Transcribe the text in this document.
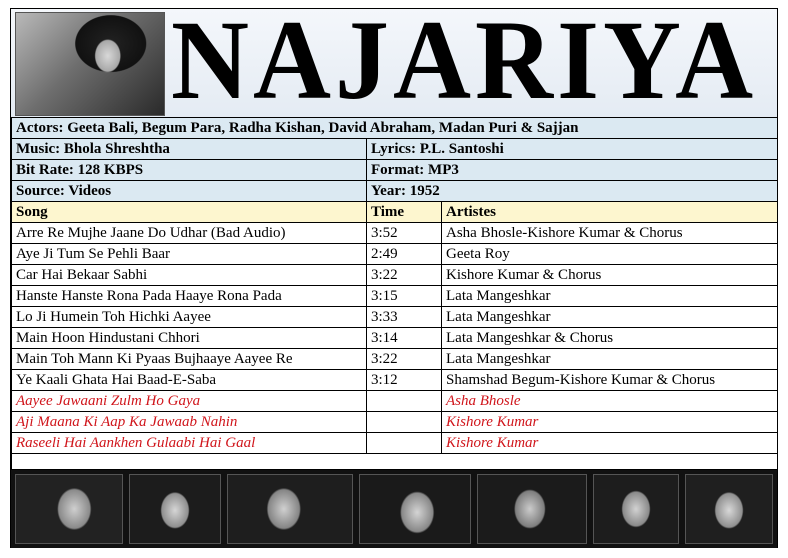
NAJARIYA
Actors: Geeta Bali, Begum Para, Radha Kishan, David Abraham, Madan Puri & Sajjan	
Music: Bhola Shreshtha	Lyrics: P.L. Santoshi
Bit Rate: 128 KBPS	Format: MP3
Source: Videos	Year: 1952
Song	Time	Artistes
Arre Re Mujhe Jaane Do Udhar (Bad Audio)	3:52	Asha Bhosle-Kishore Kumar & Chorus
Aye Ji Tum Se Pehli Baar	2:49	Geeta Roy
Car Hai Bekaar Sabhi	3:22	Kishore Kumar & Chorus
Hanste Hanste Rona Pada Haaye Rona Pada	3:15	Lata Mangeshkar
Lo Ji Humein Toh Hichki Aayee	3:33	Lata Mangeshkar
Main Hoon Hindustani Chhori	3:14	Lata Mangeshkar & Chorus
Main Toh Mann Ki Pyaas Bujhaaye Aayee Re	3:22	Lata Mangeshkar
Ye Kaali Ghata Hai Baad-E-Saba	3:12	Shamshad Begum-Kishore Kumar & Chorus
Aayee Jawaani Zulm Ho Gaya		Asha Bhosle
Aji Maana Ki Aap Ka Jawaab Nahin		Kishore Kumar
Raseeli Hai Aankhen Gulaabi Hai Gaal		Kishore Kumar
